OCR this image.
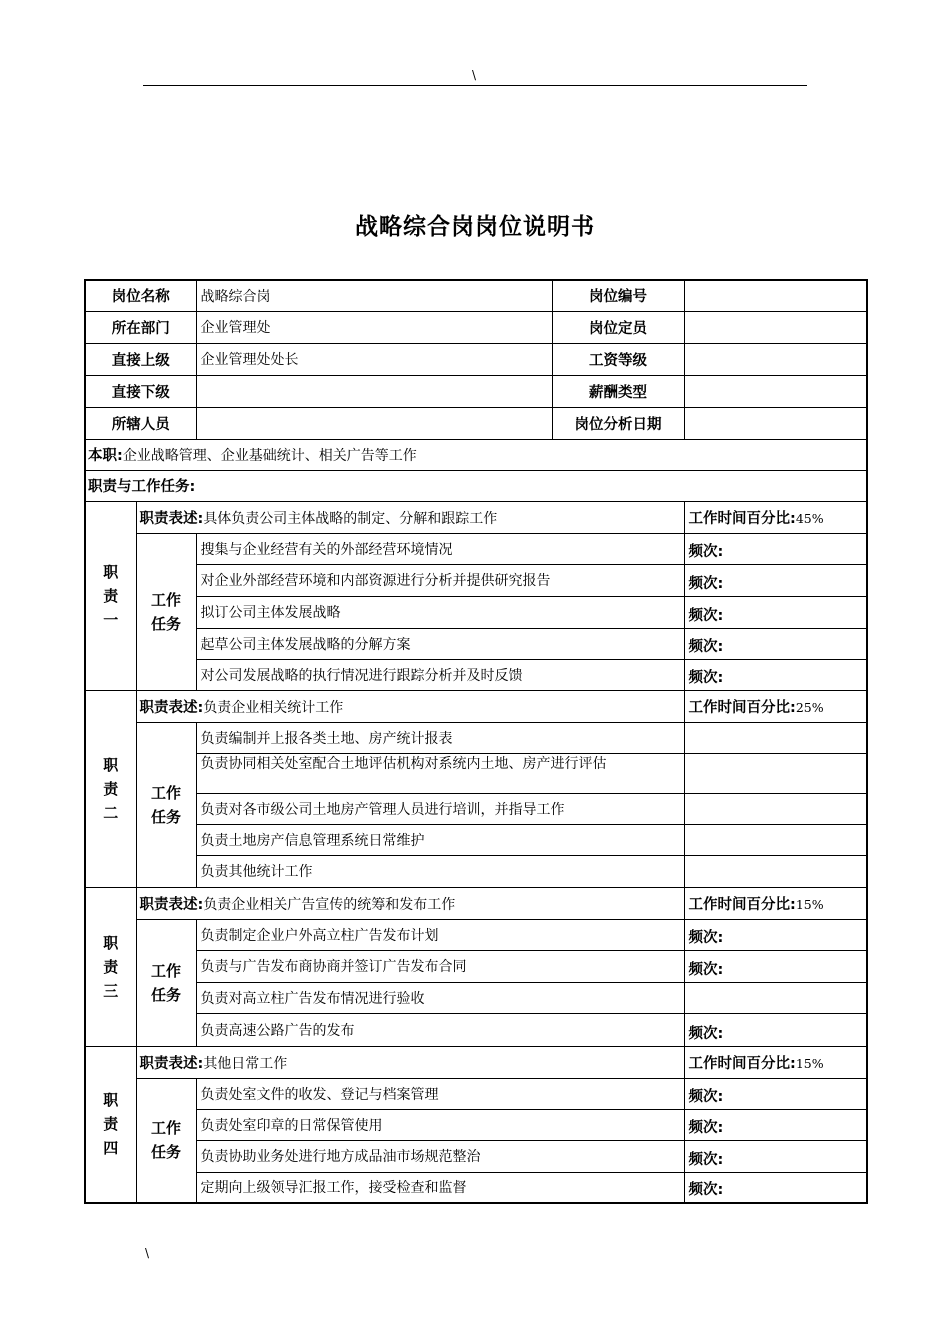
\
战略综合岗岗位说明书
岗位名称		战略综合岗	岗位编号	
所在部门		企业管理处	岗位定员	
直接上级		企业管理处处长	工资等级	
直接下级			薪酬类型	
所辖人员			岗位分析日期	
本职:企业战略管理、企业基础统计、相关广告等工作				
职责与工作任务:				

职
责
一	职责表述:具体负责公司主体战略的制定、分解和跟踪工作			工作时间百分比:45%
	工作任务	搜集与企业经营有关的外部经营环境情况		频次:
		对企业外部经营环境和内部资源进行分析并提供研究报告		频次:
		拟订公司主体发展战略		频次:
		起草公司主体发展战略的分解方案		频次:
		对公司发展战略的执行情况进行跟踪分析并及时反馈		频次:

职
责
二	职责表述:负责企业相关统计工作			工作时间百分比:25%
	工作任务	负责编制并上报各类土地、房产统计报表		
		负责协同相关处室配合土地评估机构对系统内土地、房产进行评估		
		负责对各市级公司土地房产管理人员进行培训，并指导工作		
		负责土地房产信息管理系统日常维护		
		负责其他统计工作		

职
责
三	职责表述:负责企业相关广告宣传的统筹和发布工作			工作时间百分比:15%
	工作任务	负责制定企业户外高立柱广告发布计划		频次:
		负责与广告发布商协商并签订广告发布合同		频次:
		负责对高立柱广告发布情况进行验收		
		负责高速公路广告的发布		频次:

职
责
四	职责表述:其他日常工作			工作时间百分比:15%
	工作任务	负责处室文件的收发、登记与档案管理		频次:
		负责处室印章的日常保管使用		频次:
		负责协助业务处进行地方成品油市场规范整治		频次:
		定期向上级领导汇报工作，接受检查和监督		频次:
\
